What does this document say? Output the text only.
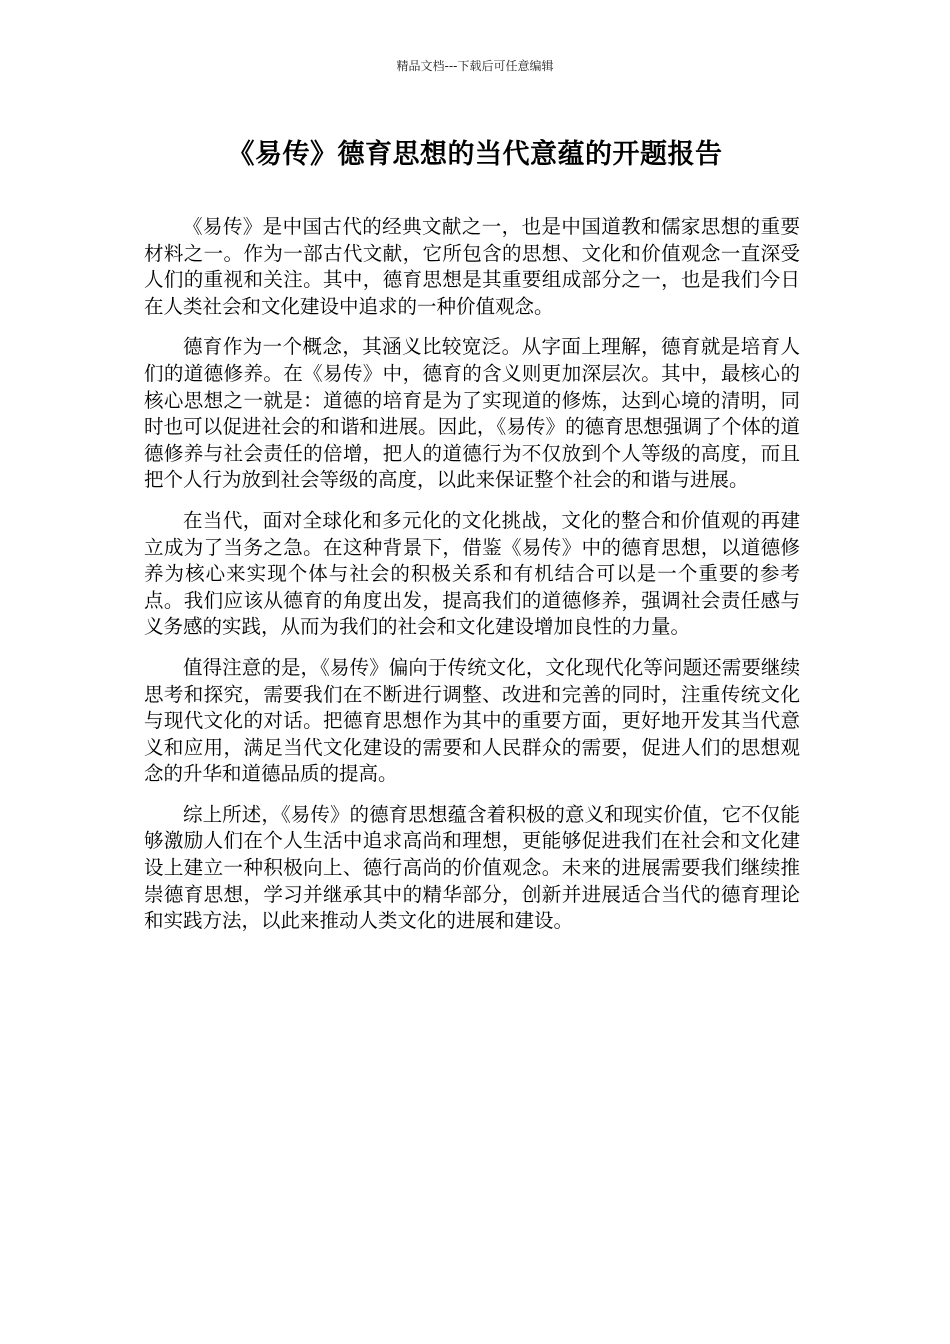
精品文档---下载后可任意编辑
《易传》德育思想的当代意蕴的开题报告

《易传》是中国古代的经典文献之一，也是中国道教和儒家思想的重要材料之一。作为一部古代文献，它所包含的思想、文化和价值观念一直深受人们的重视和关注。其中，德育思想是其重要组成部分之一，也是我们今日在人类社会和文化建设中追求的一种价值观念。

德育作为一个概念，其涵义比较宽泛。从字面上理解，德育就是培育人们的道德修养。在《易传》中，德育的含义则更加深层次。其中，最核心的核心思想之一就是：道德的培育是为了实现道的修炼，达到心境的清明，同时也可以促进社会的和谐和进展。因此，《易传》的德育思想强调了个体的道德修养与社会责任的倍增，把人的道德行为不仅放到个人等级的高度，而且把个人行为放到社会等级的高度，以此来保证整个社会的和谐与进展。

在当代，面对全球化和多元化的文化挑战，文化的整合和价值观的再建立成为了当务之急。在这种背景下，借鉴《易传》中的德育思想，以道德修养为核心来实现个体与社会的积极关系和有机结合可以是一个重要的参考点。我们应该从德育的角度出发，提高我们的道德修养，强调社会责任感与义务感的实践，从而为我们的社会和文化建设增加良性的力量。

值得注意的是，《易传》偏向于传统文化，文化现代化等问题还需要继续思考和探究，需要我们在不断进行调整、改进和完善的同时，注重传统文化与现代文化的对话。把德育思想作为其中的重要方面，更好地开发其当代意义和应用，满足当代文化建设的需要和人民群众的需要，促进人们的思想观念的升华和道德品质的提高。

综上所述，《易传》的德育思想蕴含着积极的意义和现实价值，它不仅能够激励人们在个人生活中追求高尚和理想，更能够促进我们在社会和文化建设上建立一种积极向上、德行高尚的价值观念。未来的进展需要我们继续推崇德育思想，学习并继承其中的精华部分，创新并进展适合当代的德育理论和实践方法，以此来推动人类文化的进展和建设。
